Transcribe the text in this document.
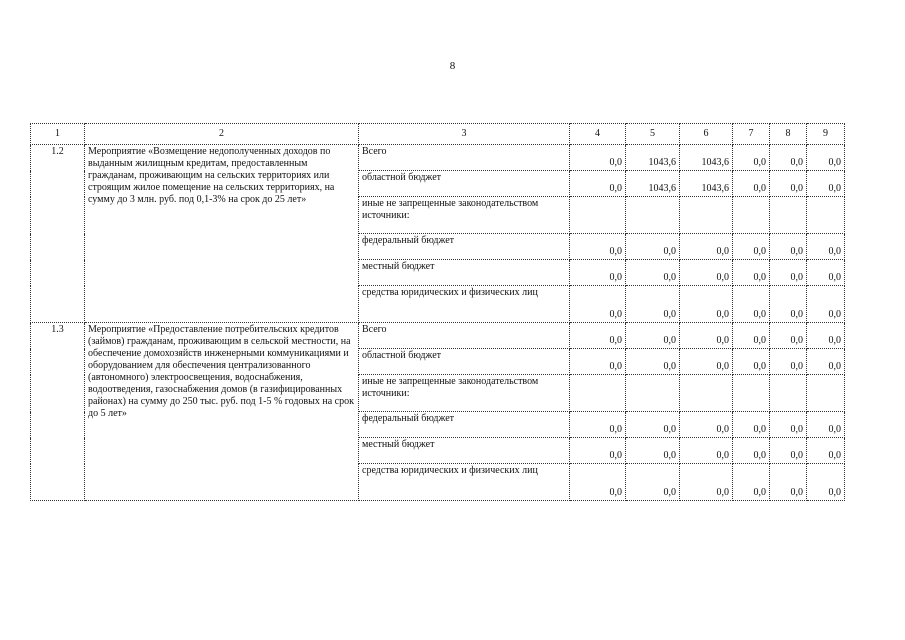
8
1	2	3	4	5	6	7	8	9
1.2	Мероприятие «Возмещение недополученных доходов по выданным жилищным кредитам, предоставленным гражданам, проживающим на сельских территориях или строящим жилое помещение на сельских территориях, на сумму до 3 млн. руб. под 0,1-3% на срок до 25 лет»	Всего	0,0	1043,6	1043,6	0,0	0,0	0,0
		областной бюджет	0,0	1043,6	1043,6	0,0	0,0	0,0
		иные не запрещенные законодательством источники:						
		федеральный бюджет	0,0	0,0	0,0	0,0	0,0	0,0
		местный бюджет	0,0	0,0	0,0	0,0	0,0	0,0
		средства юридических и физических лиц	0,0	0,0	0,0	0,0	0,0	0,0
1.3	Мероприятие «Предоставление потребительских кредитов (займов) гражданам, проживающим в сельской местности, на обеспечение домохозяйств инженерными коммуникациями и оборудованием для обеспечения централизованного (автономного) электроосвещения, водоснабжения, водоотведения, газоснабжения домов (в газифицированных районах) на сумму до 250 тыс. руб. под 1-5 % годовых на срок до 5 лет»	Всего	0,0	0,0	0,0	0,0	0,0	0,0
		областной бюджет	0,0	0,0	0,0	0,0	0,0	0,0
		иные не запрещенные законодательством источники:						
		федеральный бюджет	0,0	0,0	0,0	0,0	0,0	0,0
		местный бюджет	0,0	0,0	0,0	0,0	0,0	0,0
		средства юридических и физических лиц	0,0	0,0	0,0	0,0	0,0	0,0
